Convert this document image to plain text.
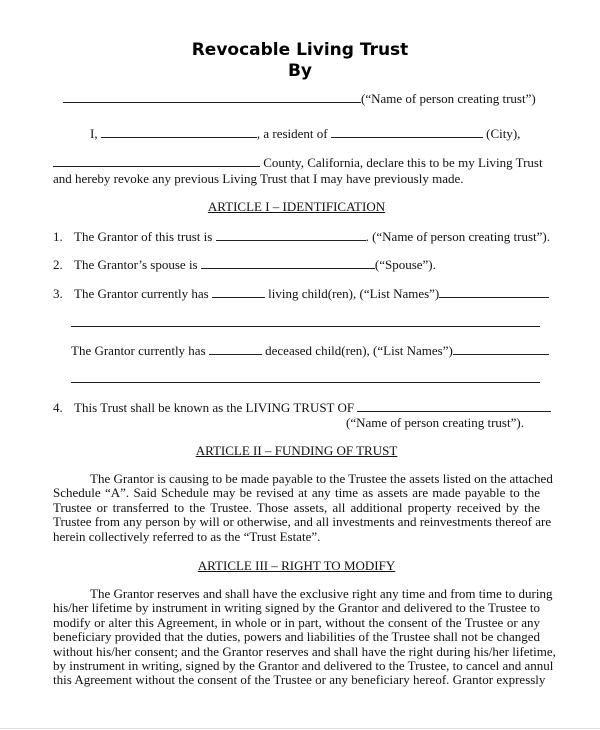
Revocable Living Trust
By
(“Name of person creating trust”)
I,	, a resident of	(City),
County, California, declare this to be my Living Trust
and hereby revoke any previous Living Trust that I may have previously made.
ARTICLE I – IDENTIFICATION
1. The Grantor of this trust is	. (“Name of person creating trust”).
2. The Grantor’s spouse is	(“Spouse”).
3. The Grantor currently has	living child(ren), (“List Names”)
The Grantor currently has	deceased child(ren), (“List Names”)
4. This Trust shall be known as the LIVING TRUST OF
(“Name of person creating trust”).
ARTICLE II – FUNDING OF TRUST
The Grantor is causing to be made payable to the Trustee the assets listed on the attached
Schedule “A”. Said Schedule may be revised at any time as assets are made payable to the
Trustee or transferred to the Trustee. Those assets, all additional property received by the
Trustee from any person by will or otherwise, and all investments and reinvestments thereof are
herein collectively referred to as the “Trust Estate”.
ARTICLE III – RIGHT TO MODIFY
The Grantor reserves and shall have the exclusive right any time and from time to during
his/her lifetime by instrument in writing signed by the Grantor and delivered to the Trustee to
modify or alter this Agreement, in whole or in part, without the consent of the Trustee or any
beneficiary provided that the duties, powers and liabilities of the Trustee shall not be changed
without his/her consent; and the Grantor reserves and shall have the right during his/her lifetime,
by instrument in writing, signed by the Grantor and delivered to the Trustee, to cancel and annul
this Agreement without the consent of the Trustee or any beneficiary hereof. Grantor expressly
